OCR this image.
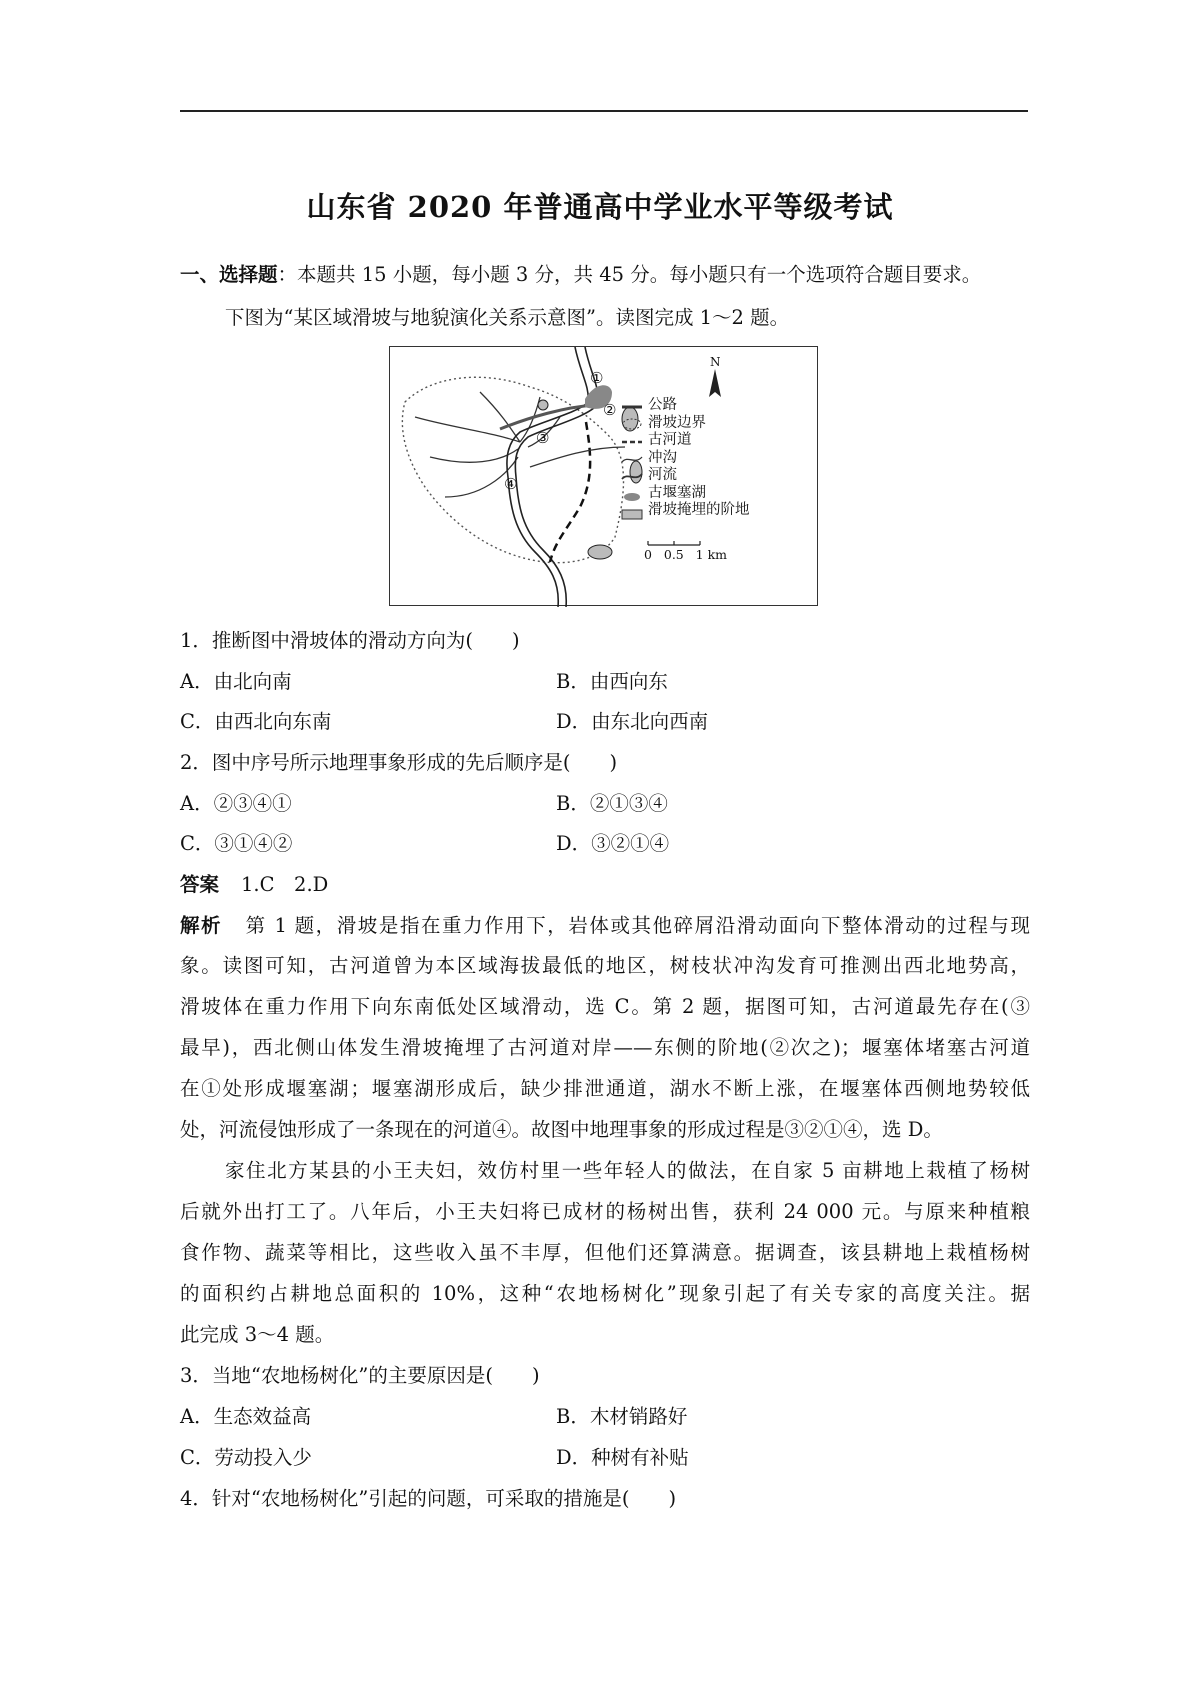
山东省 2020 年普通高中学业水平等级考试
一、选择题：本题共 15 小题，每小题 3 分，共 45 分。每小题只有一个选项符合题目要求。
下图为“某区域滑坡与地貌演化关系示意图”。读图完成 1～2 题。
①
②
③
④
N
公路
滑坡边界
古河道
冲沟
河流
古堰塞湖
滑坡掩埋的阶地
0   0.5   1 km
1．推断图中滑坡体的滑动方向为(　　)
A．由北向南	B．由西向东
C．由西北向东南	D．由东北向西南
2．图中序号所示地理事象形成的先后顺序是(　　)
A．②③④①	B．②①③④
C．③①④②	D．③②①④
答案 1.C　2.D
解析 第 1 题，滑坡是指在重力作用下，岩体或其他碎屑沿滑动面向下整体滑动的过程与现
象。读图可知，古河道曾为本区域海拔最低的地区，树枝状冲沟发育可推测出西北地势高，
滑坡体在重力作用下向东南低处区域滑动，选 C。第 2 题，据图可知，古河道最先存在(③
最早)，西北侧山体发生滑坡掩埋了古河道对岸——东侧的阶地(②次之)；堰塞体堵塞古河道
在①处形成堰塞湖；堰塞湖形成后，缺少排泄通道，湖水不断上涨，在堰塞体西侧地势较低
处，河流侵蚀形成了一条现在的河道④。故图中地理事象的形成过程是③②①④，选 D。
家住北方某县的小王夫妇，效仿村里一些年轻人的做法，在自家 5 亩耕地上栽植了杨树
后就外出打工了。八年后，小王夫妇将已成材的杨树出售，获利 24 000 元。与原来种植粮
食作物、蔬菜等相比，这些收入虽不丰厚，但他们还算满意。据调查，该县耕地上栽植杨树
的面积约占耕地总面积的 10%，这种“农地杨树化”现象引起了有关专家的高度关注。据
此完成 3～4 题。
3．当地“农地杨树化”的主要原因是(　　)
A．生态效益高	B．木材销路好
C．劳动投入少	D．种树有补贴
4．针对“农地杨树化”引起的问题，可采取的措施是(　　)
